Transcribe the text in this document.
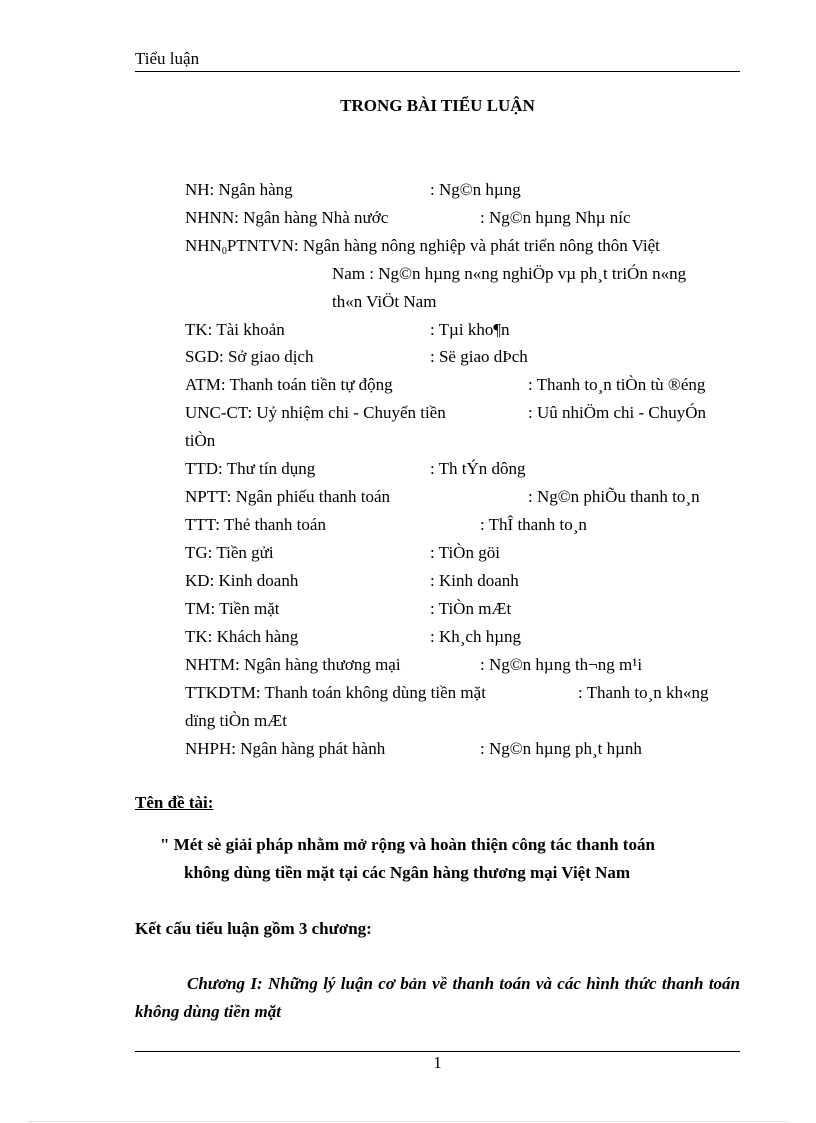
Tiểu luận
TRONG BÀI TIỂU LUẬN
NH: Ngân hàng	: Ng©n hµng
NHNN: Ngân hàng Nhà nước	: Ng©n hµng Nhµ níc
$NHN_0PTNTVN$: Ngân hàng nông nghiệp và phát triển nông thôn Việt
Nam : Ng©n hµng n«ng nghiÖp vµ ph¸t triÓn n«ng
th«n ViÖt Nam
TK: Tài khoản	: Tµi kho¶n
SGD: Sở giao dịch	: Së giao dÞch
ATM: Thanh toán tiền tự động	: Thanh to¸n tiÒn tù ®éng
UNC-CT: Uỷ nhiệm chi - Chuyển tiền	: Uû nhiÖm chi - ChuyÓn
tiÒn
TTD: Thư tín dụng	: Th tÝn dông
NPTT: Ngân phiếu thanh toán	: Ng©n phiÕu thanh to¸n
TTT: Thẻ thanh toán	: ThÎ thanh to¸n
TG: Tiền gửi	: TiÒn göi
KD: Kinh doanh	: Kinh doanh
TM: Tiền mặt	: TiÒn mÆt
TK: Khách hàng	: Kh¸ch hµng
NHTM: Ngân hàng thương mại	: Ng©n hµng th¬ng m¹i
TTKDTM: Thanh toán không dùng tiền mặt	: Thanh to¸n kh«ng
dïng tiÒn mÆt
NHPH: Ngân hàng phát hành	: Ng©n hµng ph¸t hµnh
Tên đề tài:
" Mét sè giải pháp nhằm mở rộng và hoàn thiện công tác thanh toán
không dùng tiền mặt tại các Ngân hàng thương mại Việt Nam
Kết cấu tiểu luận gồm 3 chương:
Chương I: Những lý luận cơ bản về thanh toán và các hình thức thanh toán không dùng tiền mặt
1
